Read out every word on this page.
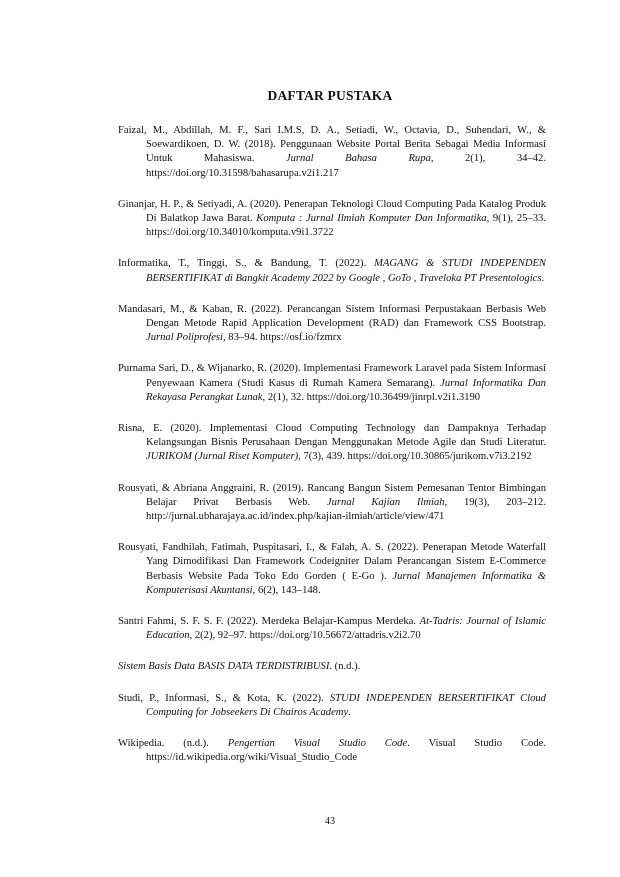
DAFTAR PUSTAKA
Faizal, M., Abdillah, M. F., Sari I.M.S, D. A., Setiadi, W., Octavia, D., Suhendari, W., & Soewardikoen, D. W. (2018). Penggunaan Website Portal Berita Sebagai Media Informasi Untuk Mahasiswa. Jurnal Bahasa Rupa, 2(1), 34–42. https://doi.org/10.31598/bahasarupa.v2i1.217
Ginanjar, H. P., & Setiyadi, A. (2020). Penerapan Teknologi Cloud Computing Pada Katalog Produk Di Balatkop Jawa Barat. Komputa : Jurnal Ilmiah Komputer Dan Informatika, 9(1), 25–33. https://doi.org/10.34010/komputa.v9i1.3722
Informatika, T., Tinggi, S., & Bandung, T. (2022). MAGANG & STUDI INDEPENDEN BERSERTIFIKAT di Bangkit Academy 2022 by Google , GoTo , Traveloka PT Presentologics.
Mandasari, M., & Kaban, R. (2022). Perancangan Sistem Informasi Perpustakaan Berbasis Web Dengan Metode Rapid Application Development (RAD) dan Framework CSS Bootstrap. Jurnal Poliprofesi, 83–94. https://osf.io/fzmrx
Purnama Sari, D., & Wijanarko, R. (2020). Implementasi Framework Laravel pada Sistem Informasi Penyewaan Kamera (Studi Kasus di Rumah Kamera Semarang). Jurnal Informatika Dan Rekayasa Perangkat Lunak, 2(1), 32. https://doi.org/10.36499/jinrpl.v2i1.3190
Risna, E. (2020). Implementasi Cloud Computing Technology dan Dampaknya Terhadap Kelangsungan Bisnis Perusahaan Dengan Menggunakan Metode Agile dan Studi Literatur. JURIKOM (Jurnal Riset Komputer), 7(3), 439. https://doi.org/10.30865/jurikom.v7i3.2192
Rousyati, & Abriana Anggraini, R. (2019). Rancang Bangun Sistem Pemesanan Tentor Bimbingan Belajar Privat Berbasis Web. Jurnal Kajian Ilmiah, 19(3), 203–212. http://jurnal.ubharajaya.ac.id/index.php/kajian-ilmiah/article/view/471
Rousyati, Fandhilah, Fatimah, Puspitasari, I., & Falah, A. S. (2022). Penerapan Metode Waterfall Yang Dimodifikasi Dan Framework Codeigniter Dalam Perancangan Sistem E-Commerce Berbasis Website Pada Toko Edo Gorden ( E-Go ). Jurnal Manajemen Informatika & Komputerisasi Akuntansi, 6(2), 143–148.
Santri Fahmi, S. F. S. F. (2022). Merdeka Belajar-Kampus Merdeka. At-Tadris: Journal of Islamic Education, 2(2), 92–97. https://doi.org/10.56672/attadris.v2i2.70
Sistem Basis Data BASIS DATA TERDISTRIBUSI. (n.d.).
Studi, P., Informasi, S., & Kota, K. (2022). STUDI INDEPENDEN BERSERTIFIKAT Cloud Computing for Jobseekers Di Chairos Academy.
Wikipedia. (n.d.). Pengertian Visual Studio Code. Visual Studio Code. https://id.wikipedia.org/wiki/Visual_Studio_Code
43
